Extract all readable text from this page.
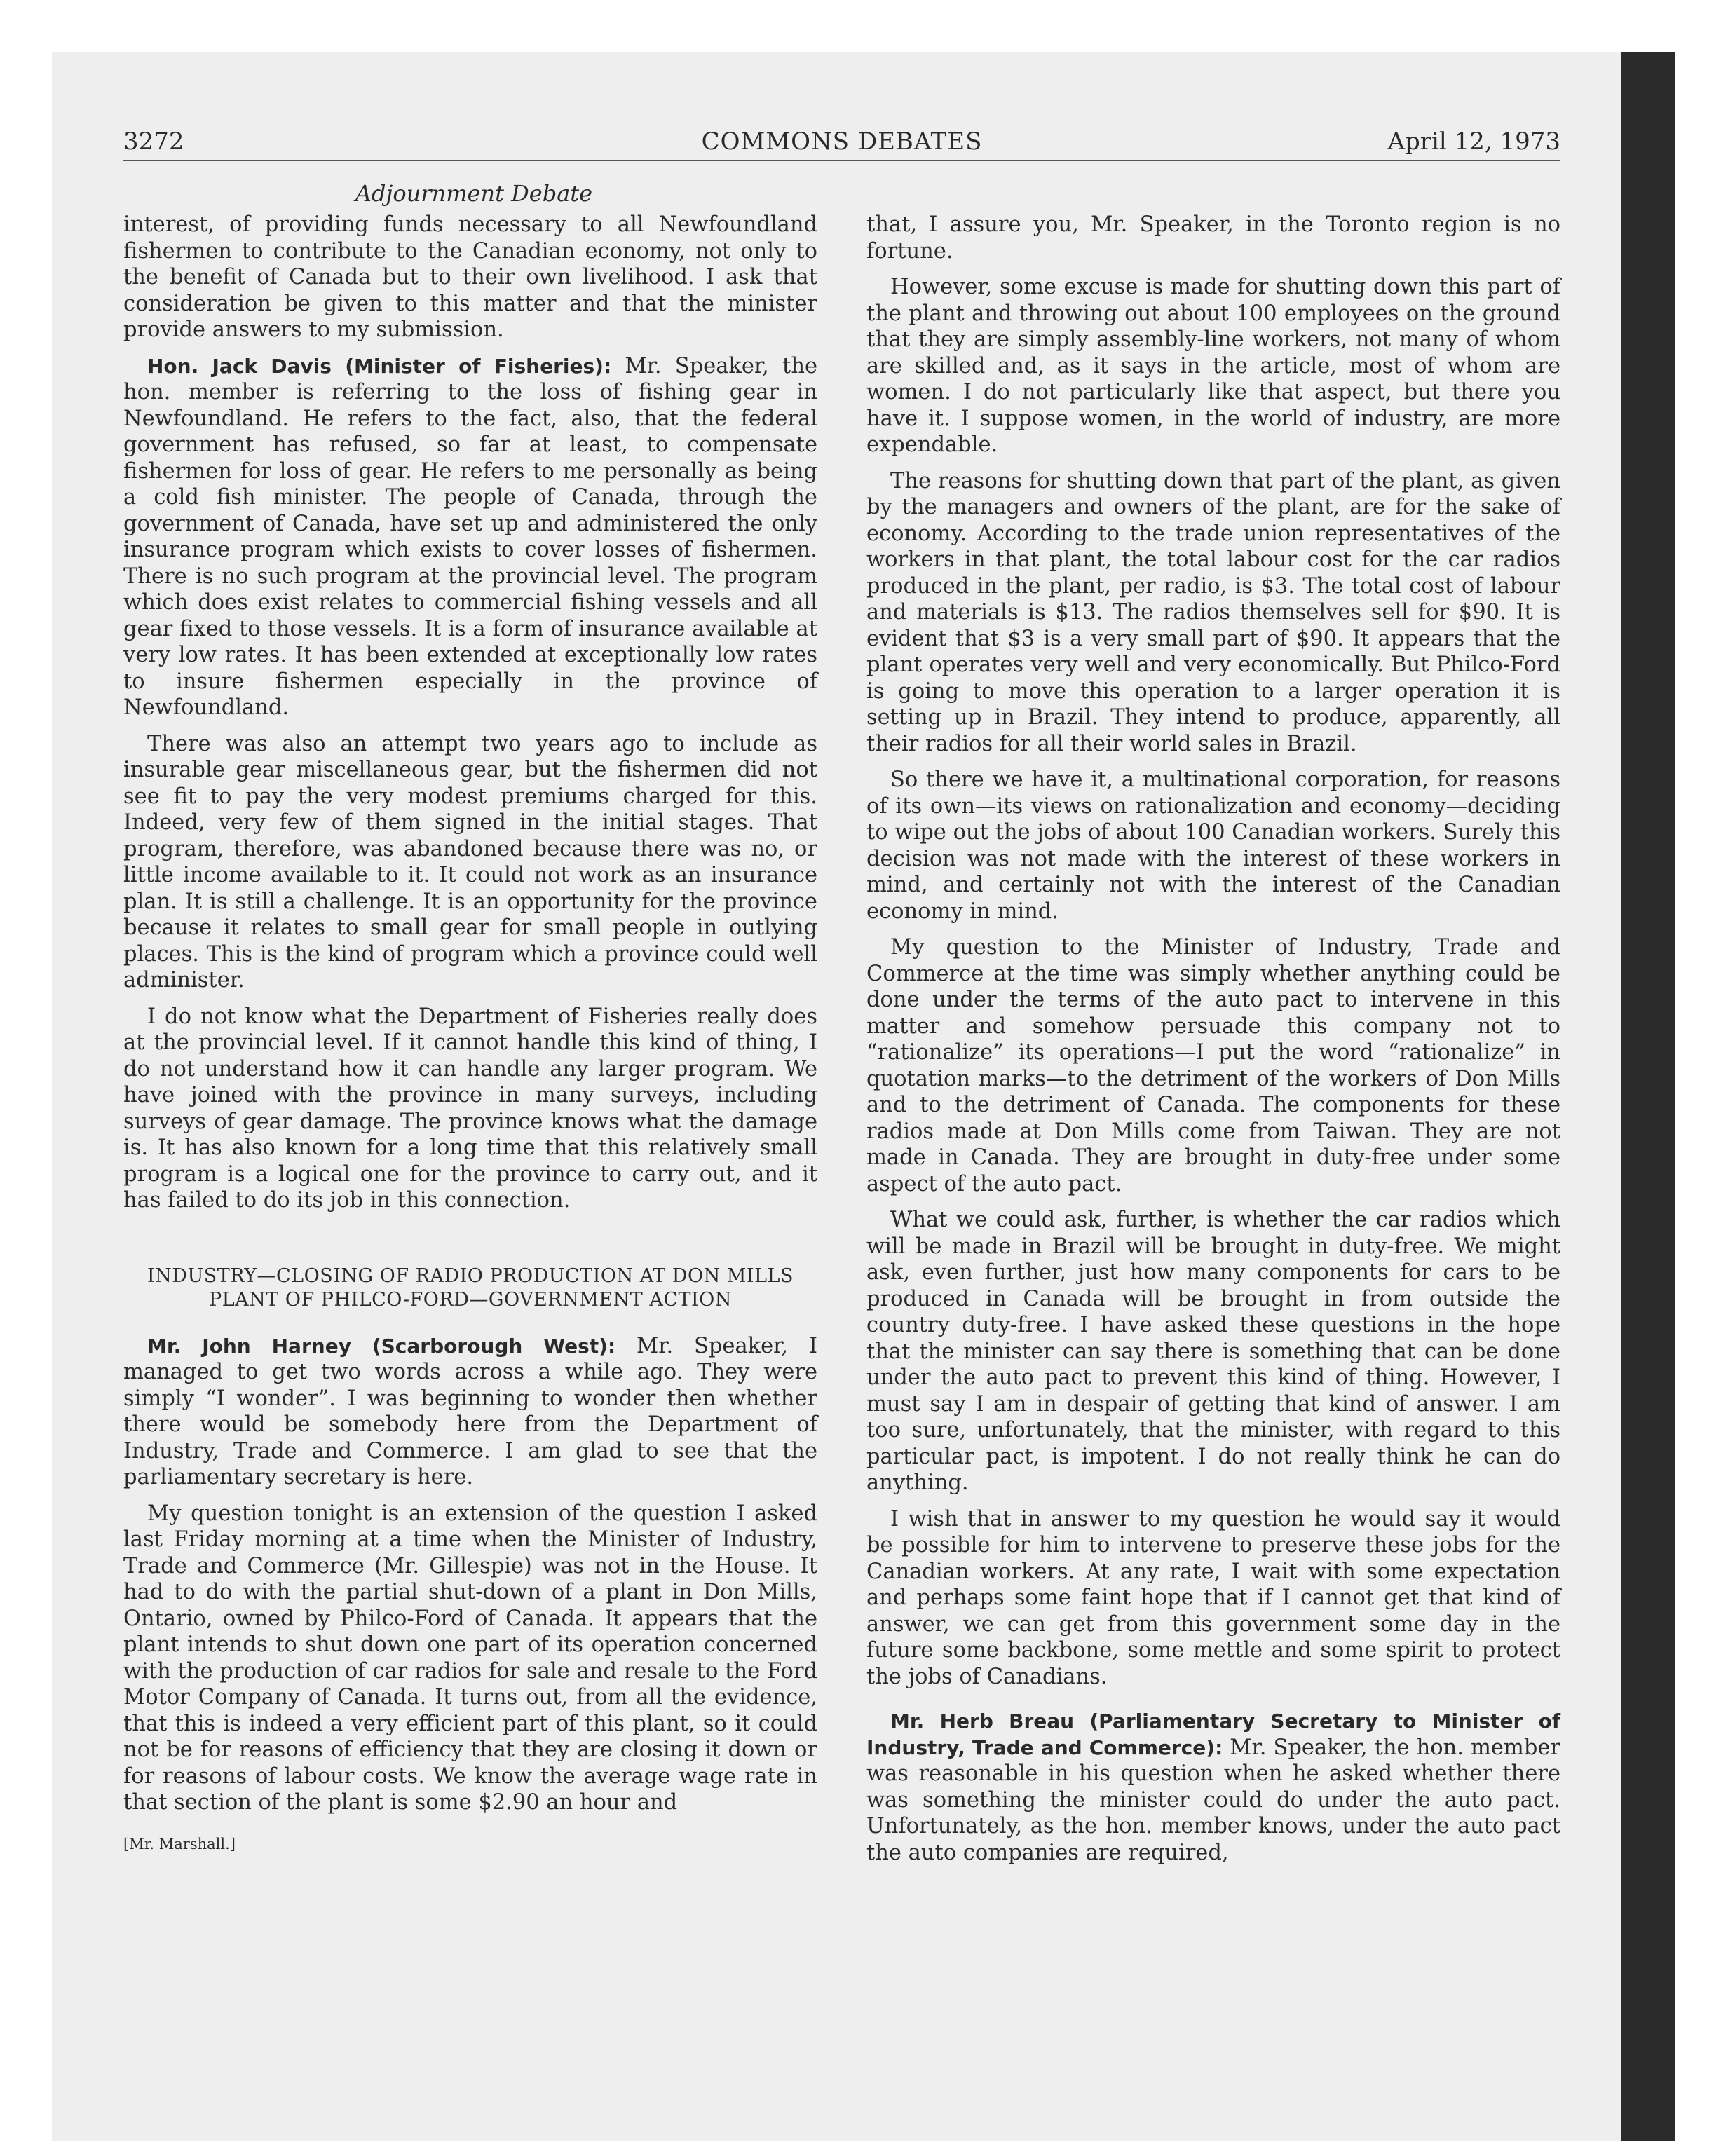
3272	COMMONS DEBATES	April 12, 1973
Adjournment Debate

interest, of providing funds necessary to all Newfoundland fishermen to contribute to the Canadian economy, not only to the benefit of Canada but to their own livelihood. I ask that consideration be given to this matter and that the minister provide answers to my submission.

Hon. Jack Davis (Minister of Fisheries): Mr. Speaker, the hon. member is referring to the loss of fishing gear in Newfoundland. He refers to the fact, also, that the federal government has refused, so far at least, to compensate fishermen for loss of gear. He refers to me personally as being a cold fish minister. The people of Canada, through the government of Canada, have set up and administered the only insurance program which exists to cover losses of fishermen. There is no such program at the provincial level. The program which does exist relates to commercial fishing vessels and all gear fixed to those vessels. It is a form of insurance available at very low rates. It has been extended at exceptionally low rates to insure fishermen especially in the province of Newfoundland.

There was also an attempt two years ago to include as insurable gear miscellaneous gear, but the fishermen did not see fit to pay the very modest premiums charged for this. Indeed, very few of them signed in the initial stages. That program, therefore, was abandoned because there was no, or little income available to it. It could not work as an insurance plan. It is still a challenge. It is an opportunity for the province because it relates to small gear for small people in outlying places. This is the kind of program which a province could well administer.

I do not know what the Department of Fisheries really does at the provincial level. If it cannot handle this kind of thing, I do not understand how it can handle any larger program. We have joined with the province in many surveys, including surveys of gear damage. The province knows what the damage is. It has also known for a long time that this relatively small program is a logical one for the province to carry out, and it has failed to do its job in this connection.

INDUSTRY—CLOSING OF RADIO PRODUCTION AT DON MILLS PLANT OF PHILCO-FORD—GOVERNMENT ACTION

Mr. John Harney (Scarborough West): Mr. Speaker, I managed to get two words across a while ago. They were simply “I wonder”. I was beginning to wonder then whether there would be somebody here from the Department of Industry, Trade and Commerce. I am glad to see that the parliamentary secretary is here.

My question tonight is an extension of the question I asked last Friday morning at a time when the Minister of Industry, Trade and Commerce (Mr. Gillespie) was not in the House. It had to do with the partial shut-down of a plant in Don Mills, Ontario, owned by Philco-Ford of Canada. It appears that the plant intends to shut down one part of its operation concerned with the production of car radios for sale and resale to the Ford Motor Company of Canada. It turns out, from all the evidence, that this is indeed a very efficient part of this plant, so it could not be for reasons of efficiency that they are closing it down or for reasons of labour costs. We know the average wage rate in that section of the plant is some $2.90 an hour and

[Mr. Marshall.]

that, I assure you, Mr. Speaker, in the Toronto region is no fortune.

However, some excuse is made for shutting down this part of the plant and throwing out about 100 employees on the ground that they are simply assembly-line workers, not many of whom are skilled and, as it says in the article, most of whom are women. I do not particularly like that aspect, but there you have it. I suppose women, in the world of industry, are more expendable.

The reasons for shutting down that part of the plant, as given by the managers and owners of the plant, are for the sake of economy. According to the trade union representatives of the workers in that plant, the total labour cost for the car radios produced in the plant, per radio, is $3. The total cost of labour and materials is $13. The radios themselves sell for $90. It is evident that $3 is a very small part of $90. It appears that the plant operates very well and very economically. But Philco-Ford is going to move this operation to a larger operation it is setting up in Brazil. They intend to produce, apparently, all their radios for all their world sales in Brazil.

So there we have it, a multinational corporation, for reasons of its own—its views on rationalization and economy—deciding to wipe out the jobs of about 100 Canadian workers. Surely this decision was not made with the interest of these workers in mind, and certainly not with the interest of the Canadian economy in mind.

My question to the Minister of Industry, Trade and Commerce at the time was simply whether anything could be done under the terms of the auto pact to intervene in this matter and somehow persuade this company not to “rationalize” its operations—I put the word “rationalize” in quotation marks—to the detriment of the workers of Don Mills and to the detriment of Canada. The components for these radios made at Don Mills come from Taiwan. They are not made in Canada. They are brought in duty-free under some aspect of the auto pact.

What we could ask, further, is whether the car radios which will be made in Brazil will be brought in duty-free. We might ask, even further, just how many components for cars to be produced in Canada will be brought in from outside the country duty-free. I have asked these questions in the hope that the minister can say there is something that can be done under the auto pact to prevent this kind of thing. However, I must say I am in despair of getting that kind of answer. I am too sure, unfortunately, that the minister, with regard to this particular pact, is impotent. I do not really think he can do anything.

I wish that in answer to my question he would say it would be possible for him to intervene to preserve these jobs for the Canadian workers. At any rate, I wait with some expectation and perhaps some faint hope that if I cannot get that kind of answer, we can get from this government some day in the future some backbone, some mettle and some spirit to protect the jobs of Canadians.

Mr. Herb Breau (Parliamentary Secretary to Minister of Industry, Trade and Commerce): Mr. Speaker, the hon. member was reasonable in his question when he asked whether there was something the minister could do under the auto pact. Unfortunately, as the hon. member knows, under the auto pact the auto companies are required,
